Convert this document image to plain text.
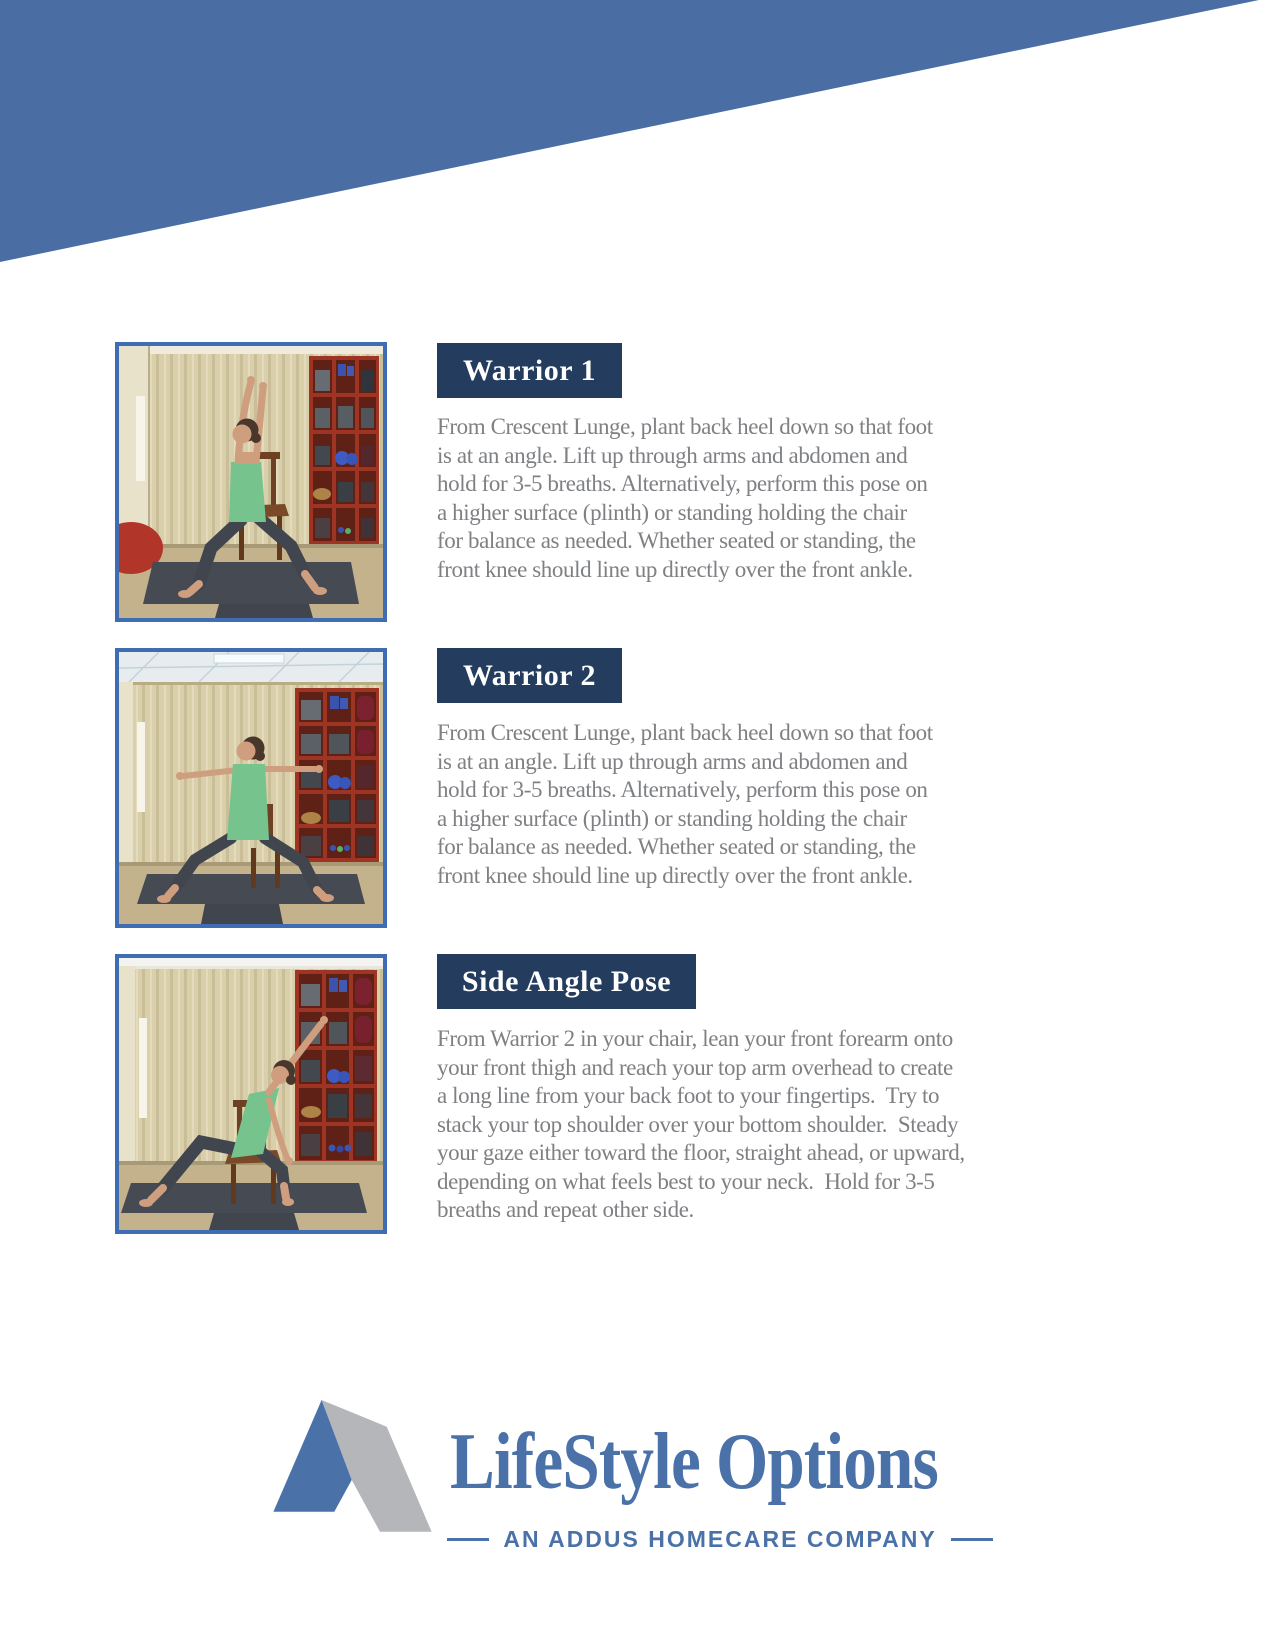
Warrior 1
From Crescent Lunge, plant back heel down so that foot
is at an angle. Lift up through arms and abdomen and
hold for 3-5 breaths. Alternatively, perform this pose on
a higher surface (plinth) or standing holding the chair
for balance as needed. Whether seated or standing, the
front knee should line up directly over the front ankle.
Warrior 2
From Crescent Lunge, plant back heel down so that foot
is at an angle. Lift up through arms and abdomen and
hold for 3-5 breaths. Alternatively, perform this pose on
a higher surface (plinth) or standing holding the chair
for balance as needed. Whether seated or standing, the
front knee should line up directly over the front ankle.
Side Angle Pose
From Warrior 2 in your chair, lean your front forearm onto
your front thigh and reach your top arm overhead to create
a long line from your back foot to your fingertips.  Try to
stack your top shoulder over your bottom shoulder.  Steady
your gaze either toward the floor, straight ahead, or upward,
depending on what feels best to your neck.  Hold for 3-5
breaths and repeat other side.
LifeStyle Options
AN ADDUS HOMECARE COMPANY
